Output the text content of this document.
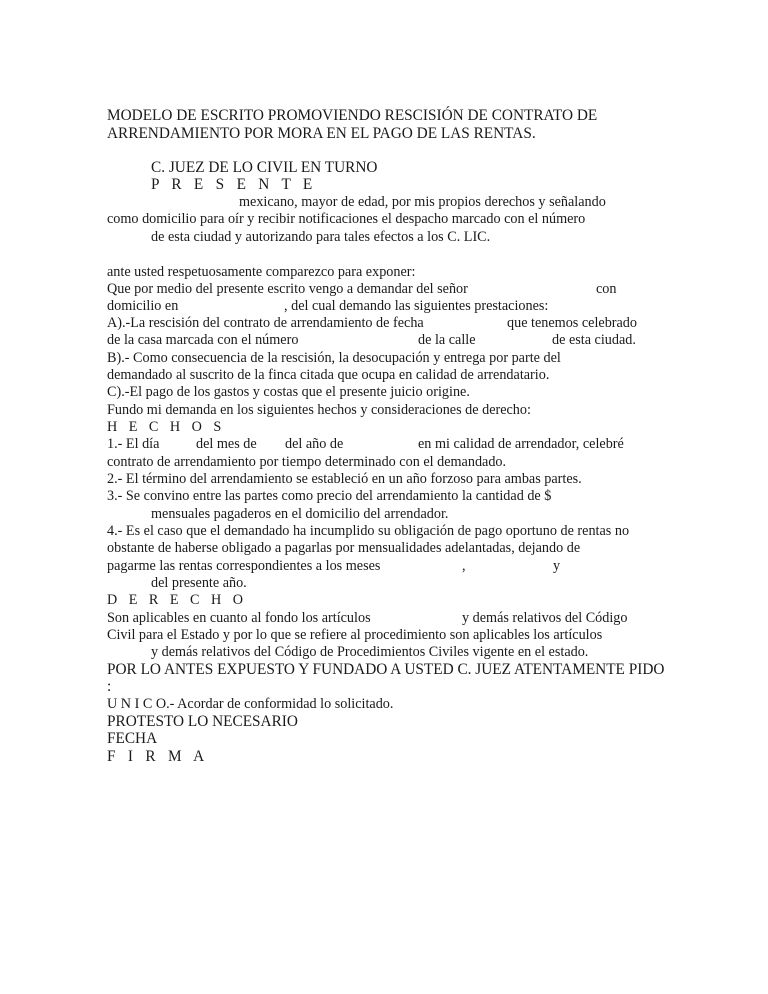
MODELO DE ESCRITO PROMOVIENDO RESCISIÓN DE CONTRATO DE
ARRENDAMIENTO POR MORA EN EL PAGO DE LAS RENTAS.
C. JUEZ DE LO CIVIL EN TURNO
P R E S E N T E
mexicano, mayor de edad, por mis propios derechos y señalando
como domicilio para oír y recibir notificaciones el despacho marcado con el número
de esta ciudad y autorizando para tales efectos a los C. LIC.
ante usted respetuosamente comparezco para exponer:
Que por medio del presente escrito vengo a demandar del señor	con
domicilio en	, del cual demando las siguientes prestaciones:
A).-La rescisión del contrato de arrendamiento de fecha	que tenemos celebrado
de la casa marcada con el número	de la calle	de esta ciudad.
B).- Como consecuencia de la rescisión, la desocupación y entrega por parte del
demandado al suscrito de la finca citada que ocupa en calidad de arrendatario.
C).-El pago de los gastos y costas que el presente juicio origine.
Fundo mi demanda en los siguientes hechos y consideraciones de derecho:
H E C H O S
1.- El día	del mes de del año de	en mi calidad de arrendador, celebré
contrato de arrendamiento por tiempo determinado con el demandado.
2.- El término del arrendamiento se estableció en un año forzoso para ambas partes.
3.- Se convino entre las partes como precio del arrendamiento la cantidad de $
mensuales pagaderos en el domicilio del arrendador.
4.- Es el caso que el demandado ha incumplido su obligación de pago oportuno de rentas no
obstante de haberse obligado a pagarlas por mensualidades adelantadas, dejando de
pagarme las rentas correspondientes a los meses	,	y
del presente año.
D E R E C H O
Son aplicables en cuanto al fondo los artículos	y demás relativos del Código
Civil para el Estado y por lo que se refiere al procedimiento son aplicables los artículos
y demás relativos del Código de Procedimientos Civiles vigente en el estado.
POR LO ANTES EXPUESTO Y FUNDADO A USTED C. JUEZ ATENTAMENTE PIDO
:
U N I C O.- Acordar de conformidad lo solicitado.
PROTESTO LO NECESARIO
FECHA
F I R M A
